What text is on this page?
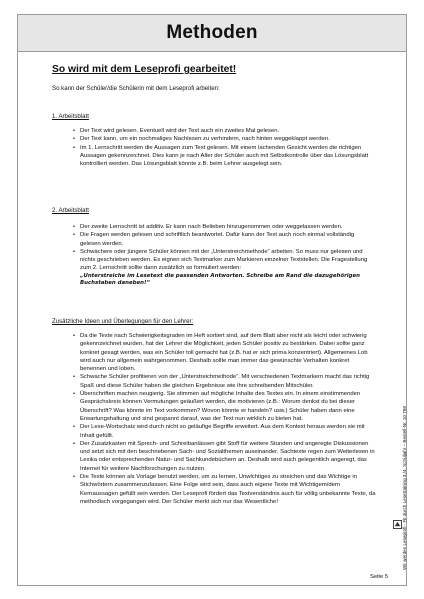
Methoden
So wird mit dem Leseprofi gearbeitet!
So kann der Schüler/die Schülerin mit dem Leseprofi arbeiten:
1. Arbeitsblatt
• Der Text wird gelesen. Eventuell wird der Text auch ein zweites Mal gelesen.
• Der Text kann, um ein nochmaliges Nachlesen zu verhindern, nach hinten weggeklappt werden.
• Im 1. Lernschritt werden die Aussagen zum Text gelesen. Mit einem lachenden Gesicht werden die richtigen Aussagen gekennzeichnet. Dies kann je nach Alter der Schüler auch mit Selbstkontrolle über das Lösungsblatt kontrolliert werden. Das Lösungsblatt könnte z.B. beim Lehrer ausgelegt sein.
2. Arbeitsblatt
• Der zweite Lernschritt ist additiv. Er kann nach Belieben hinzugenommen oder weggelassen werden.
• Die Fragen werden gelesen und schriftlich beantwortet. Dafür kann der Text auch noch einmal vollständig gelesen werden.
• Schwächere oder jüngere Schüler können mit der „Unterstreichmethode“ arbeiten. So muss nur gelesen und nichts geschrieben werden. Es eignen sich Textmarker zum Markieren einzelner Textstellen. Die Fragestellung zum 2. Lernschritt sollte dann zusätzlich so formuliert werden:
„Unterstreiche im Lesetext die passenden Antworten. Schreibe am Rand die dazugehörigen Buchstaben daneben!“
Zusätzliche Ideen und Überlegungen für den Lehrer:
• Da die Texte nach Schwierigkeitsgraden im Heft sortiert sind, auf dem Blatt aber nicht als leicht oder schwierig gekennzeichnet wurden, hat der Lehrer die Möglichkeit, jeden Schüler positiv zu bestärken. Dabei sollte ganz konkret gesagt werden, was ein Schüler toll gemacht hat (z.B. hat er sich prima konzentriert). Allgemeines Lob wird auch nur allgemein wahrgenommen. Deshalb sollte man immer das gewünschte Verhalten konkret benennen und loben.
• Schwache Schüler profitieren von der „Unterstreichmethode“. Mit verschiedenen Textmarkern macht das richtig Spaß und diese Schüler haben die gleichen Ergebnisse wie ihre schreibenden Mitschüler.
• Überschriften machen neugierig. Sie stimmen auf mögliche Inhalte des Textes ein. In einem einstimmenden Gesprächskreis können Vermutungen geäußert werden, die motivieren (z.B.: Worum denkst du bei dieser Überschrift? Was könnte im Text vorkommen? Wovon könnte er handeln? usw.) Schüler haben dann eine Erwartungshaltung und sind gespannt darauf, was der Text nun wirklich zu bieten hat.
• Der Lese-Wortschatz wird durch nicht so geläufige Begriffe erweitert. Aus dem Kontext heraus werden sie mit Inhalt gefüllt.
• Der Zusatzkasten mit Sprech- und Schreibanlässen gibt Stoff für weitere Stunden und angeregte Diskussionen und setzt sich mit den beschriebenen Sach- und Sozialthemen auseinander. Sachtexte regen zum Weiterlesen in Lexika oder entsprechenden Natur- und Sachkundebüchern an. Deshalb wird auch gelegentlich angeregt, das Internet für weitere Nachforschungen zu nutzen.
• Die Texte können als Vorlage benutzt werden, um zu lernen, Unwichtiges zu streichen und das Wichtige in Stichwörtern zusammenzufassen. Eine Folge wird sein, dass auch eigene Texte mit Wichtigem/dem Kernaussagen gefüllt sein werden. Der Leseprofi fördert das Textverständnis auch für völlig unbekannte Texte, da methodisch vorgegangen wird. Der Schüler merkt sich nur das Wesentliche!	Wir werden Leseprofi · Fit durch Lesetraining 3./4. Schuljahr – Bestell-Nr. 10 769
Seite 5
